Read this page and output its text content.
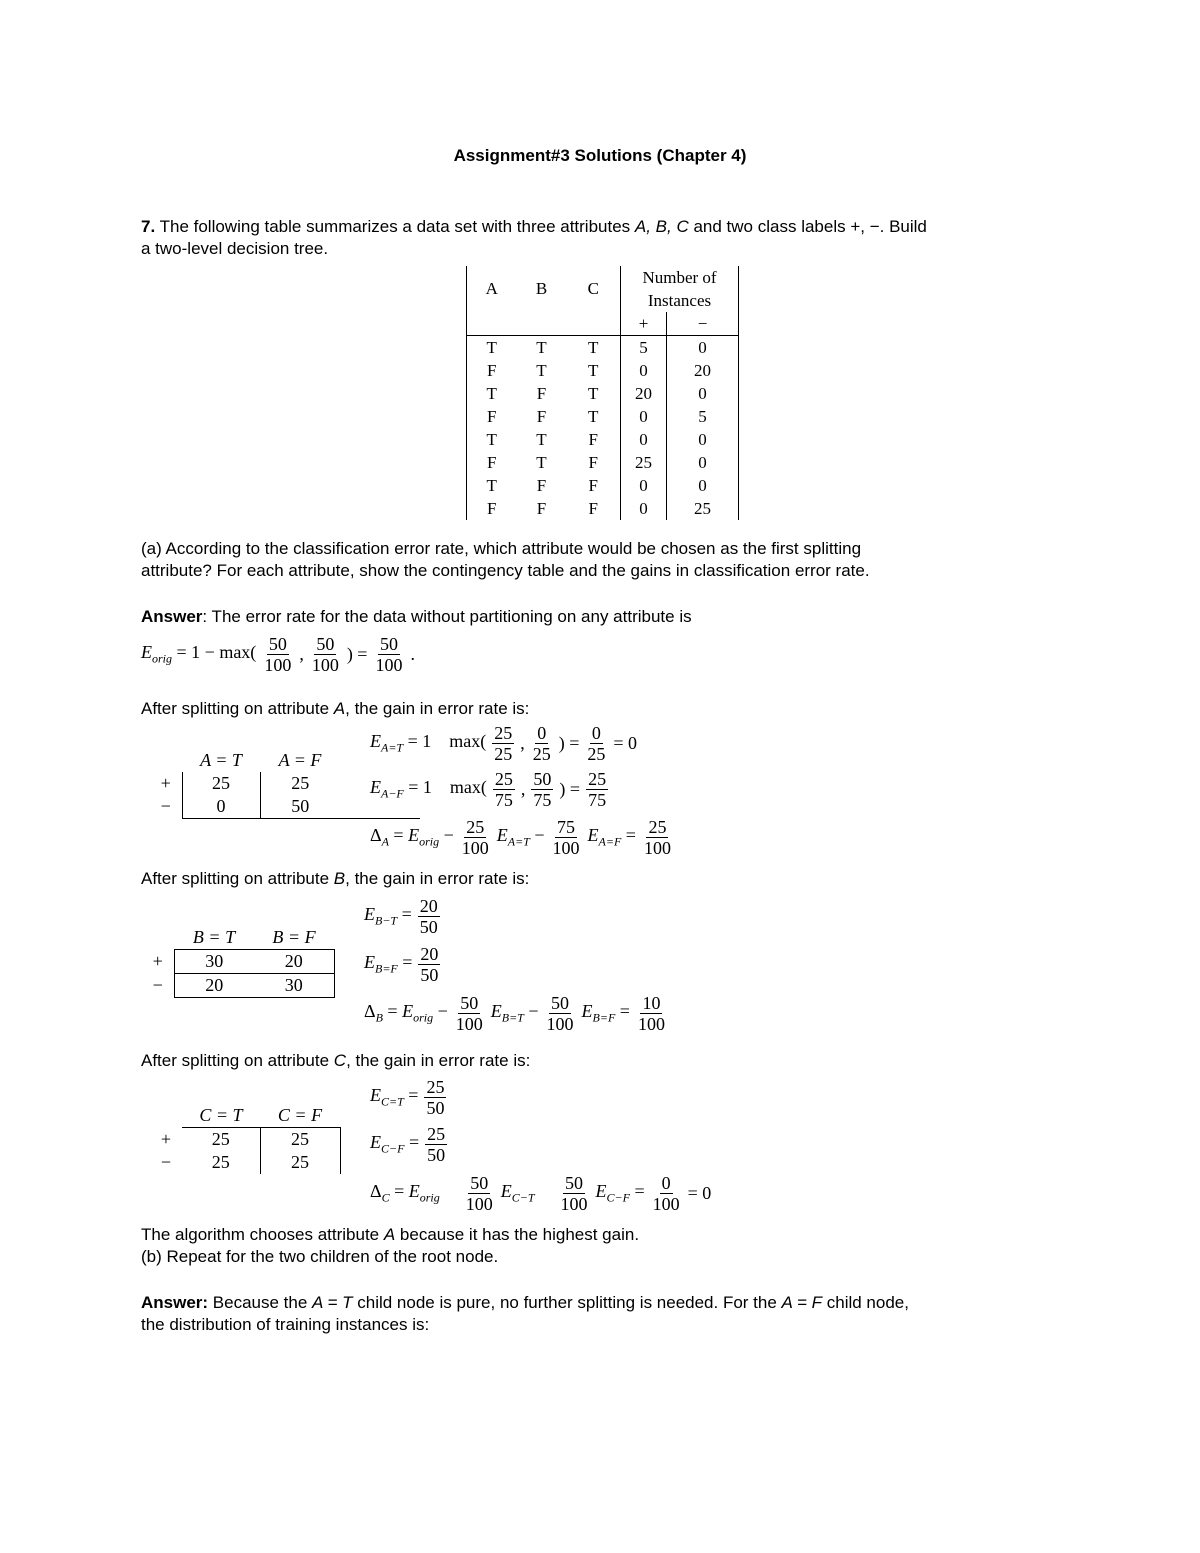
Assignment#3 Solutions (Chapter 4)
7. The following table summarizes a data set with three attributes A, B, C and two class labels +, −. Build
a two-level decision tree.
A	B	C	Number of	
			Instances	
			+	−
T	T	T	5	0
F	T	T	0	20
T	F	T	20	0
F	F	T	0	5
T	T	F	0	0
F	T	F	25	0
T	F	F	0	0
F	F	F	0	25
(a) According to the classification error rate, which attribute would be chosen as the first splitting
attribute? For each attribute, show the contingency table and the gains in classification error rate.
Answer: The error rate for the data without partitioning on any attribute is
$E_{orig} = 1 - \max( \frac{50}{100}$ , $\frac{50}{100}$ ) = $\frac{50}{100}$ .
After splitting on attribute A, the gain in error rate is:
	A = T	A = F	
+	25	25	
−	0	50	
$E_{A=T} = 1$    $\max( \frac{25}{25}$ , $\frac{0}{25}$ ) = $\frac{0}{25} = 0$
$E_{A-F} = 1$    $\max( \frac{25}{75}$ , $\frac{50}{75}$ ) = $\frac{25}{75}$
$\Delta_A = E_{orig} - \frac{25}{100} E_{A=T} - \frac{75}{100} E_{A=F} = \frac{25}{100}$
After splitting on attribute B, the gain in error rate is:
	B = T	B = F
+	30	20
−	20	30
$E_{B-T} = \frac{20}{50}$
$E_{B=F} = \frac{20}{50}$
$\Delta_B = E_{orig} - \frac{50}{100} E_{B=T} - \frac{50}{100} E_{B=F} = \frac{10}{100}$
After splitting on attribute C, the gain in error rate is:
	C = T	C = F	
+	25	25	
−	25	25	
$E_{C=T} = \frac{25}{50}$
$E_{C-F} = \frac{25}{50}$
$\Delta_C = E_{orig}$	$\frac{50}{100} E_{C-T}$	$\frac{50}{100} E_{C-F} = \frac{0}{100} = 0$
The algorithm chooses attribute A because it has the highest gain.
(b) Repeat for the two children of the root node.
Answer: Because the A = T child node is pure, no further splitting is needed. For the A = F child node,
the distribution of training instances is:
